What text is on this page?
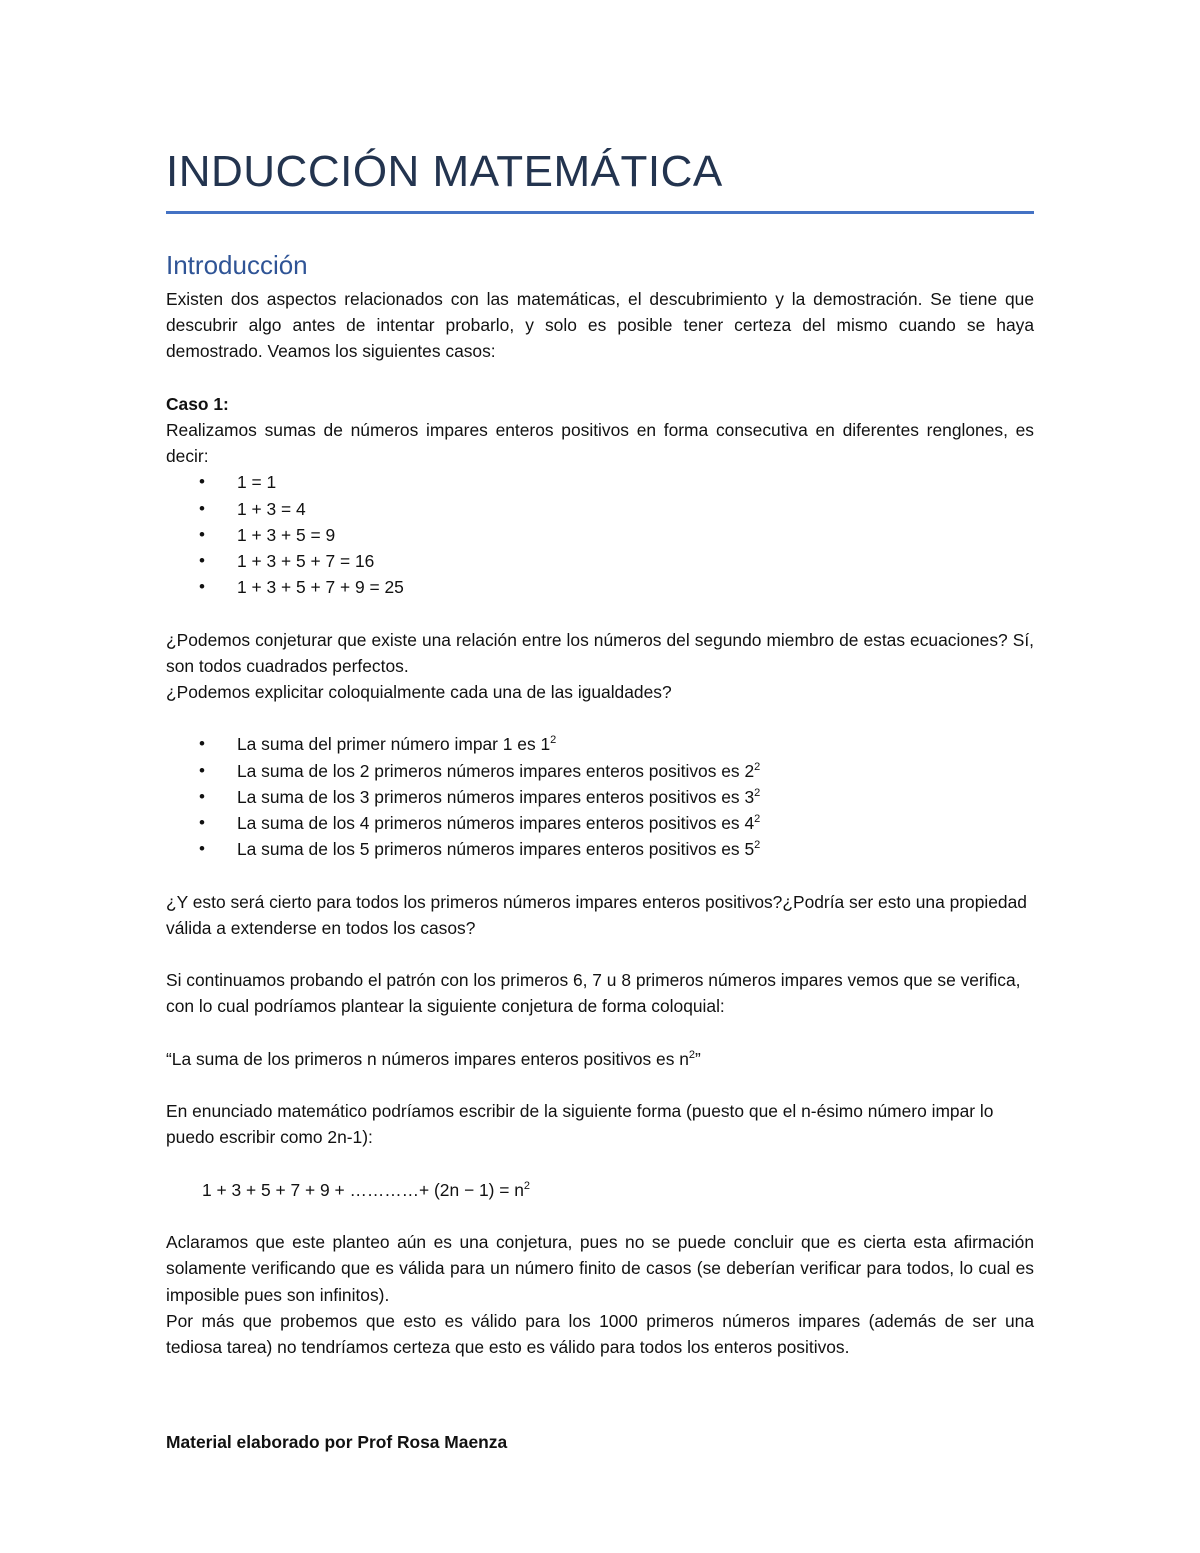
INDUCCIÓN MATEMÁTICA
Introducción

Existen dos aspectos relacionados con las matemáticas, el descubrimiento y la demostración. Se tiene que descubrir algo antes de intentar probarlo, y solo es posible tener certeza del mismo cuando se haya demostrado. Veamos los siguientes casos:

Caso 1:

Realizamos sumas de números impares enteros positivos en forma consecutiva en diferentes renglones, es decir:

• 1 = 1
• 1 + 3 = 4
• 1 + 3 + 5 = 9
• 1 + 3 + 5 + 7 = 16
• 1 + 3 + 5 + 7 + 9 = 25

¿Podemos conjeturar que existe una relación entre los números del segundo miembro de estas ecuaciones? Sí, son todos cuadrados perfectos.

¿Podemos explicitar coloquialmente cada una de las igualdades?

• La suma del primer número impar 1 es $1^2$
• La suma de los 2 primeros números impares enteros positivos es $2^2$
• La suma de los 3 primeros números impares enteros positivos es $3^2$
• La suma de los 4 primeros números impares enteros positivos es $4^2$
• La suma de los 5 primeros números impares enteros positivos es $5^2$

¿Y esto será cierto para todos los primeros números impares enteros positivos?¿Podría ser esto una propiedad válida a extenderse en todos los casos?

Si continuamos probando el patrón con los primeros 6, 7 u 8 primeros números impares vemos que se verifica, con lo cual podríamos plantear la siguiente conjetura de forma coloquial:

“La suma de los primeros n números impares enteros positivos es $n^2$”

En enunciado matemático podríamos escribir de la siguiente forma (puesto que el n-ésimo número impar lo puedo escribir como 2n-1):

1 + 3 + 5 + 7 + 9 + …………+ $(2n - 1) = n^2$

Aclaramos que este planteo aún es una conjetura, pues no se puede concluir que es cierta esta afirmación solamente verificando que es válida para un número finito de casos (se deberían verificar para todos, lo cual es imposible pues son infinitos).

Por más que probemos que esto es válido para los 1000 primeros números impares (además de ser una tediosa tarea) no tendríamos certeza que esto es válido para todos los enteros positivos.

Material elaborado por Prof Rosa Maenza
